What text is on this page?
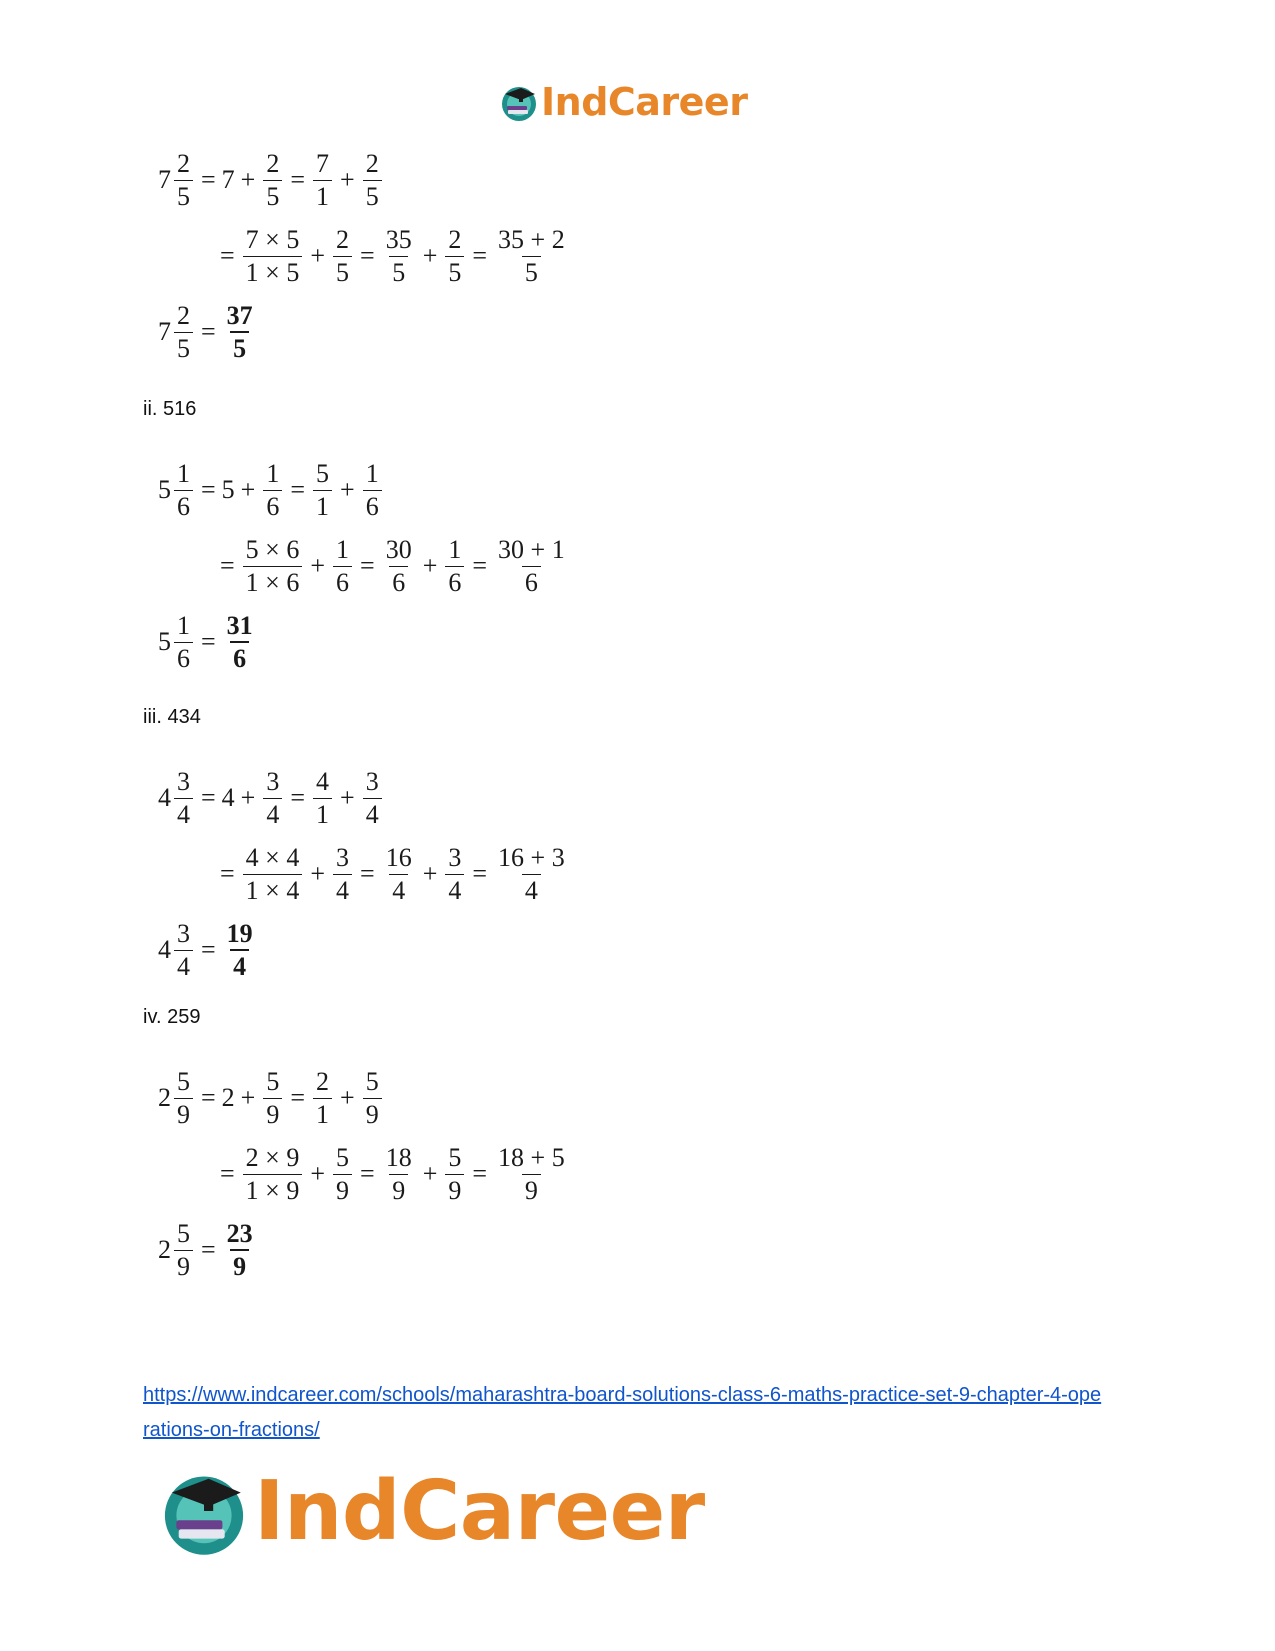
IndCareer
$7 \frac{2}{5} = 7 + \frac{2}{5} = \frac{7}{1} + \frac{2}{5}$
= $\frac{7 \times 5}{1 \times 5} + \frac{2}{5} = \frac{35}{5} + \frac{2}{5} = \frac{35 + 2}{5}$
$7 \frac{2}{5} = \frac{37}{5}$
ii. 516
$5 \frac{1}{6} = 5 + \frac{1}{6} = \frac{5}{1} + \frac{1}{6}$
= $\frac{5 \times 6}{1 \times 6} + \frac{1}{6} = \frac{30}{6} + \frac{1}{6} = \frac{30 + 1}{6}$
$5 \frac{1}{6} = \frac{31}{6}$
iii. 434
$4 \frac{3}{4} = 4 + \frac{3}{4} = \frac{4}{1} + \frac{3}{4}$
= $\frac{4 \times 4}{1 \times 4} + \frac{3}{4} = \frac{16}{4} + \frac{3}{4} = \frac{16 + 3}{4}$
$4 \frac{3}{4} = \frac{19}{4}$
iv. 259
$2 \frac{5}{9} = 2 + \frac{5}{9} = \frac{2}{1} + \frac{5}{9}$
= $\frac{2 \times 9}{1 \times 9} + \frac{5}{9} = \frac{18}{9} + \frac{5}{9} = \frac{18 + 5}{9}$
$2 \frac{5}{9} = \frac{23}{9}$
https://www.indcareer.com/schools/maharashtra-board-solutions-class-6-maths-practice-set-9-chapter-4-operations-on-fractions/
IndCareer
